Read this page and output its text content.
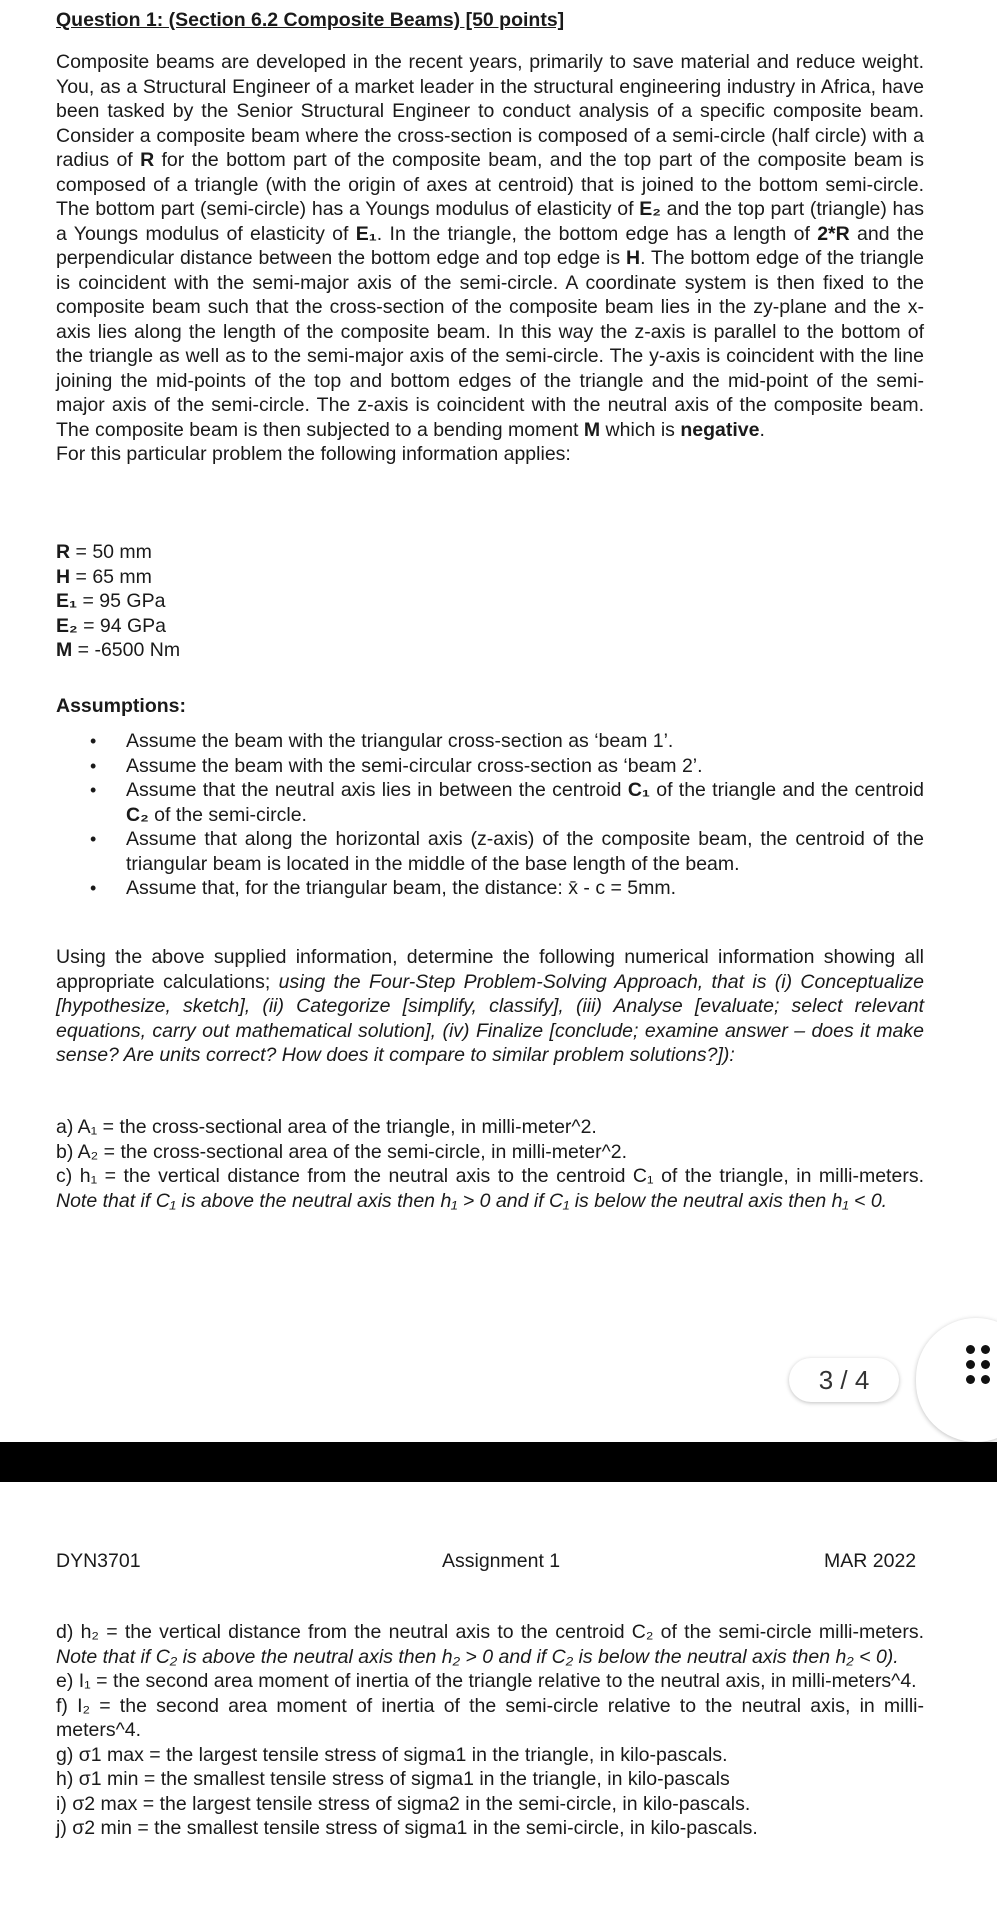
Question 1: (Section 6.2 Composite Beams) [50 points]

Composite beams are developed in the recent years, primarily to save material and reduce weight. You, as a Structural Engineer of a market leader in the structural engineering industry in Africa, have been tasked by the Senior Structural Engineer to conduct analysis of a specific composite beam. Consider a composite beam where the cross-section is composed of a semi-circle (half circle) with a radius of R for the bottom part of the composite beam, and the top part of the composite beam is composed of a triangle (with the origin of axes at centroid) that is joined to the bottom semi-circle. The bottom part (semi-circle) has a Youngs modulus of elasticity of E₂ and the top part (triangle) has a Youngs modulus of elasticity of E₁. In the triangle, the bottom edge has a length of 2*R and the perpendicular distance between the bottom edge and top edge is H. The bottom edge of the triangle is coincident with the semi-major axis of the semi-circle. A coordinate system is then fixed to the composite beam such that the cross-section of the composite beam lies in the zy-plane and the x-axis lies along the length of the composite beam. In this way the z-axis is parallel to the bottom of the triangle as well as to the semi-major axis of the semi-circle. The y-axis is coincident with the line joining the mid-points of the top and bottom edges of the triangle and the mid-point of the semi-major axis of the semi-circle. The z-axis is coincident with the neutral axis of the composite beam. The composite beam is then subjected to a bending moment M which is negative.

For this particular problem the following information applies:

R = 50 mm
H = 65 mm
E₁ = 95 GPa
E₂ = 94 GPa
M = -6500 Nm
Assumptions:
• Assume the beam with the triangular cross-section as ‘beam 1’.
• Assume the beam with the semi-circular cross-section as ‘beam 2’.
• Assume that the neutral axis lies in between the centroid C₁ of the triangle and the centroid C₂ of the semi-circle.
• Assume that along the horizontal axis (z-axis) of the composite beam, the centroid of the triangular beam is located in the middle of the base length of the beam.
• Assume that, for the triangular beam, the distance: x̄ - c = 5mm.

Using the above supplied information, determine the following numerical information showing all appropriate calculations; using the Four-Step Problem-Solving Approach, that is (i) Conceptualize [hypothesize, sketch], (ii) Categorize [simplify, classify], (iii) Analyse [evaluate; select relevant equations, carry out mathematical solution], (iv) Finalize [conclude; examine answer – does it make sense? Are units correct? How does it compare to similar problem solutions?]):

a) A₁ = the cross-sectional area of the triangle, in milli-meter^2.

b) A₂ = the cross-sectional area of the semi-circle, in milli-meter^2.

c) h₁ = the vertical distance from the neutral axis to the centroid C₁ of the triangle, in milli-meters. Note that if C₁ is above the neutral axis then h₁ > 0 and if C₁ is below the neutral axis then h₁ < 0.

3 / 4
DYN3701	Assignment 1	MAR 2022

d) h₂ = the vertical distance from the neutral axis to the centroid C₂ of the semi-circle milli-meters. Note that if C₂ is above the neutral axis then h₂ > 0 and if C₂ is below the neutral axis then h₂ < 0).

e) I₁ = the second area moment of inertia of the triangle relative to the neutral axis, in milli-meters^4.

f) I₂ = the second area moment of inertia of the semi-circle relative to the neutral axis, in milli-meters^4.

g) σ1 max = the largest tensile stress of sigma1 in the triangle, in kilo-pascals.

h) σ1 min = the smallest tensile stress of sigma1 in the triangle, in kilo-pascals

i) σ2 max = the largest tensile stress of sigma2 in the semi-circle, in kilo-pascals.

j) σ2 min = the smallest tensile stress of sigma1 in the semi-circle, in kilo-pascals.
